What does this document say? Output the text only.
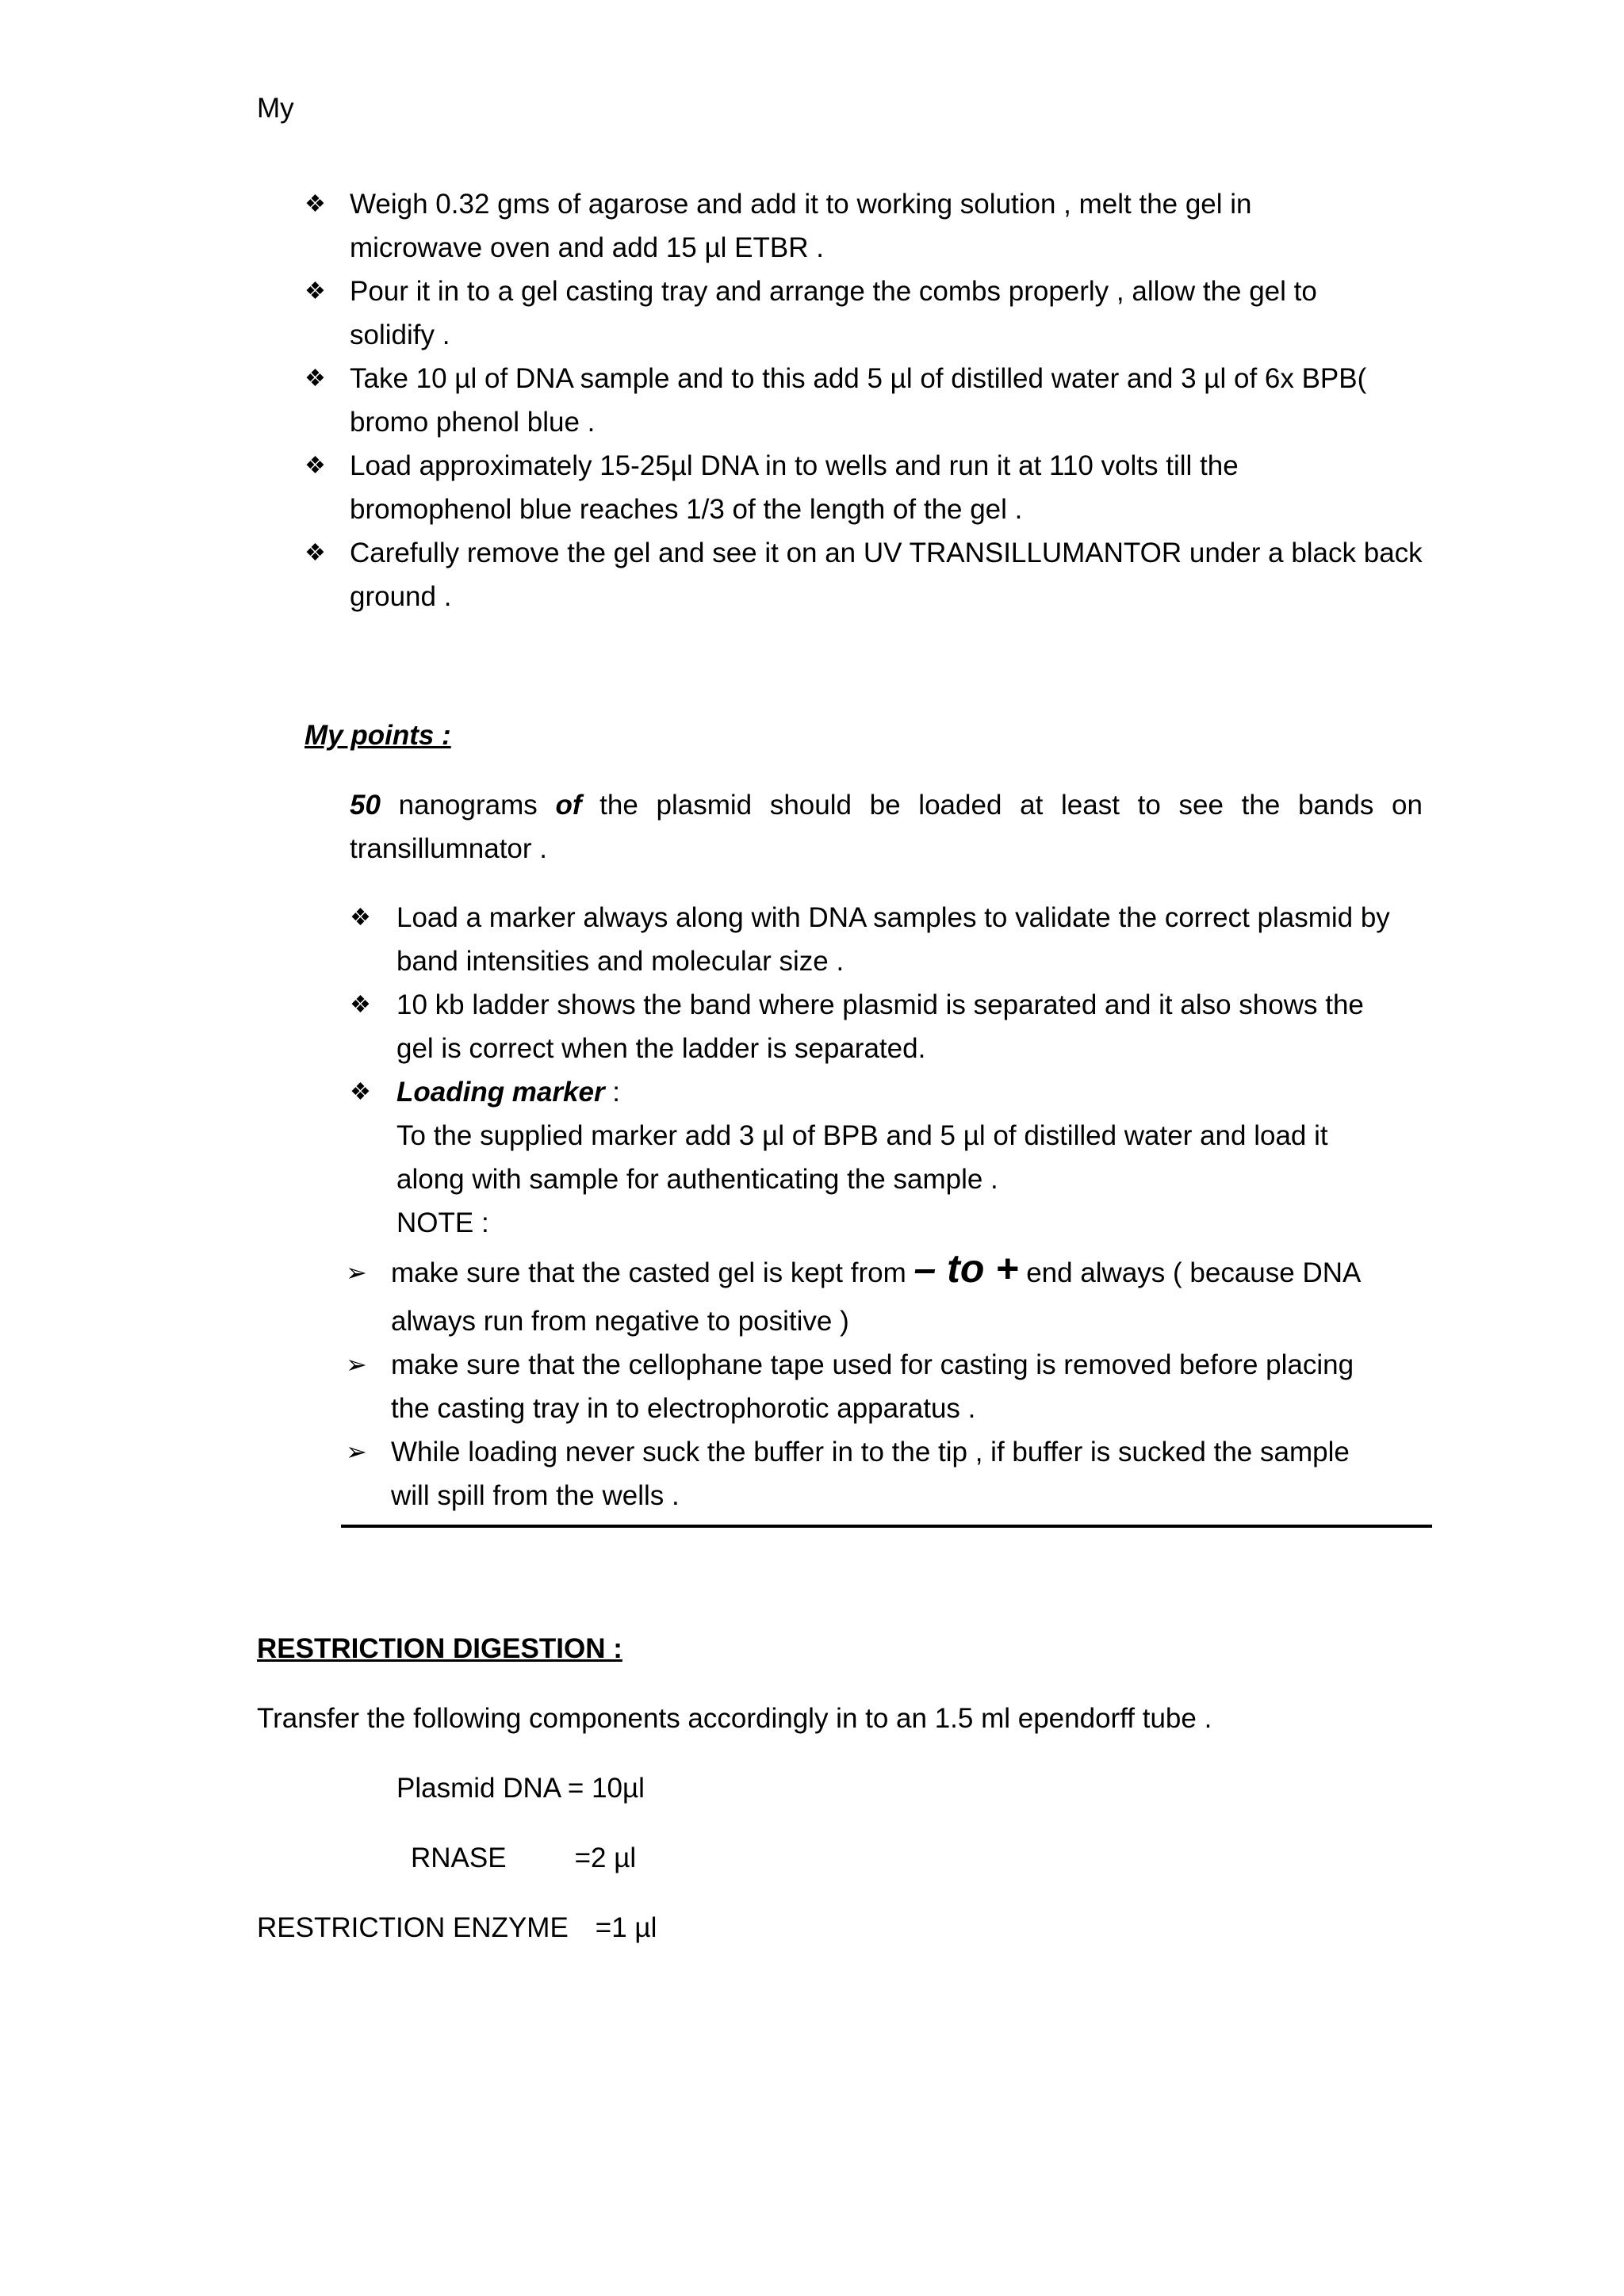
My
❖ Weigh 0.32 gms of agarose and add it to working solution , melt the gel in
microwave oven and add 15 µl ETBR .
❖ Pour it in to a gel casting tray and arrange the combs properly , allow the gel to
solidify .
❖ Take 10 µl of DNA sample and to this add 5 µl of distilled water and 3 µl of 6x BPB(
bromo phenol blue .
❖ Load approximately 15-25µl DNA in to wells and run it at 110 volts till the
bromophenol blue reaches 1/3 of the length of the gel .
❖ Carefully remove the gel and see it on an UV TRANSILLUMANTOR under a black back
ground .
My points :
50 nanograms of the plasmid should be loaded at least to see the bands on transillumnator .
❖ Load a marker always along with DNA samples to validate the correct plasmid by
band intensities and molecular size .
❖ 10 kb ladder shows the band where plasmid is separated and it also shows the
gel is correct when the ladder is separated.
❖ Loading marker :
To the supplied marker add 3 µl of BPB and 5 µl of distilled water and load it
along with sample for authenticating the sample .
NOTE :
➢ make sure that the casted gel is kept from – to + end always ( because DNA
always run from negative to positive )
➢ make sure that the cellophane tape used for casting is removed before placing
the casting tray in to electrophorotic apparatus .
➢ While loading never suck the buffer in to the tip , if buffer is sucked the sample
will spill from the wells .
RESTRICTION DIGESTION :
Transfer the following components accordingly in to an 1.5 ml ependorff tube .
Plasmid DNA = 10µl
RNASE =2 µl
RESTRICTION ENZYME =1 µl
